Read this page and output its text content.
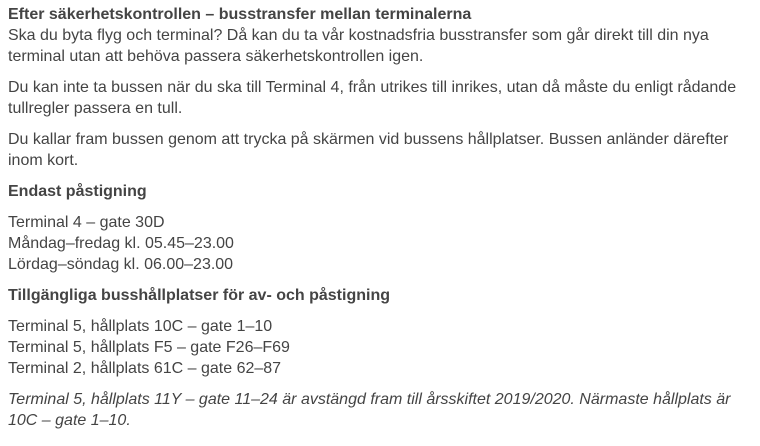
Efter säkerhetskontrollen – busstransfer mellan terminalerna

Ska du byta flyg och terminal? Då kan du ta vår kostnadsfria busstransfer som går direkt till din nya terminal utan att behöva passera säkerhetskontrollen igen.

Du kan inte ta bussen när du ska till Terminal 4, från utrikes till inrikes, utan då måste du enligt rådande tullregler passera en tull.

Du kallar fram bussen genom att trycka på skärmen vid bussens hållplatser. Bussen anländer därefter inom kort.

Endast påstigning

Terminal 4 – gate 30D

Måndag–fredag kl. 05.45–23.00

Lördag–söndag kl. 06.00–23.00

Tillgängliga busshållplatser för av- och påstigning

Terminal 5, hållplats 10C – gate 1–10

Terminal 5, hållplats F5 – gate F26–F69

Terminal 2, hållplats 61C – gate 62–87

Terminal 5, hållplats 11Y – gate 11–24 är avstängd fram till årsskiftet 2019/2020. Närmaste hållplats är 10C – gate 1–10.
